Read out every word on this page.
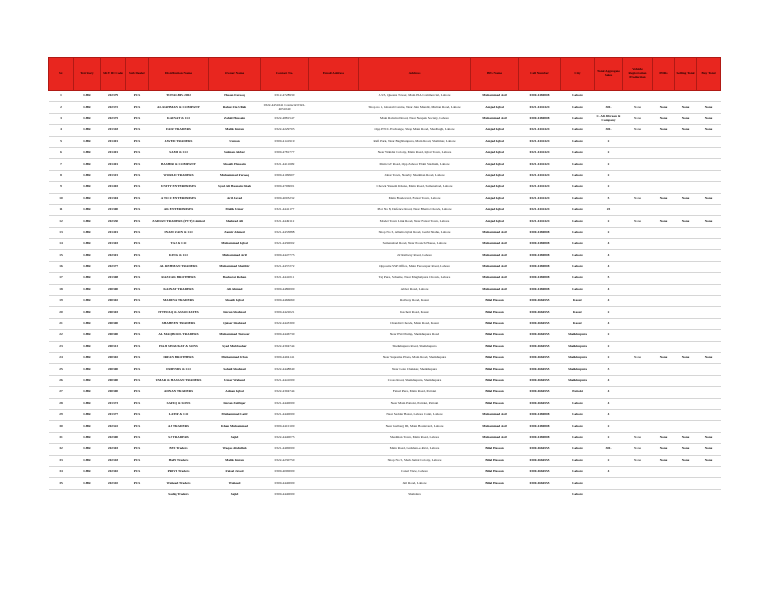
Sr.	Territory	SKY ID Code	Sub Dealer	Distribution Name	Owner Name	Contact No.	Email Address	Address	BPs Name	Cell Number	City	Total Aggregate Sales	Vehicle Registration Production	PDRs	Selling Total	Buy Total
1	LHR	202379	PCS	TOTALBPs 2002	Hasan Farooq	0312-4728930		J-3/3, Queens Tower, Main PIA Commercial, Lahore	Muhammad Asif	0300-4480808	Lahore					
2	LHR	202372	PCS	AL RAHMAN & COMPANY	Rahat Zia Ullah	0322-4451641 Contact# 0322-4051040		Shop no 1, Ghazali Centre, Near Jain Mandir, Multan Road, Lahore	Amjad Iqbal	0321-4442424	Lahore	30L	None	None	None	None
3	LHR	202375	PCS	KAINAT & CO	Zahid Hussain	0322-4881547		Main Raiwind Road, Near Nespak Society, Lahore	Muhammad Asif	0300-4480808	Lahore	C. Ali Jibraan & Company	None	None	None	None
4	LHR	201318	PCS	FAIZ TRADERS	Malik Imran	0322-4229703		Opp PTCL Exchange, Shop Main Road, Shadbagh, Lahore	Amjad Iqbal	0321-4442424	Lahore	30L	None	None	None	None
5	LHR	201401	PCS	JAVED TRADERS	Usman	0300-4141919		Rafi Park, Near Baghbanpura, Main Road, Shalimar, Lahore	Amjad Iqbal	0321-4442424	Lahore	2				
6	LHR	201401	PCS	SAMI & CO	Salman Akbar	0300-4781777		Near Wahdat Colony, Main Road, Iqbal Town, Lahore	Amjad Iqbal	0321-4442424	Lahore	2				
7	LHR	201401	PCS	BASHIR & COMPANY	Shoaib Hussain	0321-4411609		Main GT Road, Opp Zahoor Elahi Stadium, Lahore	Amjad Iqbal	0321-4442424	Lahore	2				
8	LHR	201315	PCS	WORLD TRADERS	Muhammad Farooq	0300-4199907		Johar Town, Nearby Shadman Road, Lahore	Amjad Iqbal	0321-4442424	Lahore	2				
9	LHR	201403	PCS	UNITY ENTERPRISES	Syed Ali Hasnain Shah	0300-4706001		Chowk Yateem Khana, Main Road, Samanabad, Lahore	Amjad Iqbal	0321-4442424	Lahore	2				
10	LHR	201304	PCS	A TO Z ENTERPRISES	Arif Javed	0300-4003232		Main Boulevard, Faisal Town, Lahore	Amjad Iqbal	0321-4442424	Lahore	5	None	None	None	None
11	LHR	201300	PCS	AK ENTERPRISES	Malik Umar	0321-4441177		Plot No 8, Defence Road, Near Bhatta Chowk, Lahore	Amjad Iqbal	0321-4442424	Lahore	25				
12	LHR	202330	PCS	ZAIDAN TRADERS (PVT) Limited	Shehzad Ali	0321-4449112		Model Town Link Road, Near Faisal Town, Lahore	Amjad Iqbal	0321-4442424	Lahore	2	None	None	None	None
13	LHR	201401	PCS	INAM ZAIN & CO	Zamir Ahmed	0321-4433888		Shop No 3, Allama Iqbal Road, Garhi Shahu, Lahore	Muhammad Asif	0300-4480808	Lahore	2				
14	LHR	201303	PCS	TAJ & CO	Muhammad Iqbal	0321-4430002		Samanabad Road, Near Poonch House, Lahore	Muhammad Asif	0300-4480808	Lahore	4				
15	LHR	202301	PCS	KING & CO	Muhammad Arif	0300-4447773		22 Railway Road, Lahore	Muhammad Asif	0300-4480808	Lahore	4				
16	LHR	202377	PCS	AL REHMAN TRADERS	Muhammad Shabbir	0321-4437272		Opposite SSP Office, Main Ferozepur Road, Lahore	Muhammad Asif	0300-4480808	Lahore	4				
17	LHR	201308	PCS	RAZZAK BROTHERS	Basharat Rehan	0321-4441011		Taj Pura, Scheme, Near Mughalpura Chowk, Lahore	Muhammad Asif	0300-4480808	Lahore	5				
18	LHR	200300	PCS	KAINAT TRADERS	Ali Ahmad	0300-4480000		Abbot Road, Lahore	Muhammad Asif	0300-4480808	Lahore	4				
19	LHR	200302	PCS	MADINA TRADERS	Shoaib Iqbal	0300-4466660		Railway Road, Kasur	Bilal Hassan	0300-4666555	Kasur	4				
20	LHR	200303	PCS	ITTEFAQ & ASSOCIATES	Imran Shahzad	0300-4422021		Kacheri Road, Kasur	Bilal Hassan	0300-4666555	Kasur	2				
21	LHR	200300	PCS	SHAHEEN TRADERS	Qaiser Shahzad	0322-4443300		Chandni Chowk, Main Road, Kasur	Bilal Hassan	0300-4666555	Kasur	4				
22	LHR	200300	PCS	AL MAQBOOL TRADERS	Muhammad Tanveer	0300-4446730		Near PSO Pump, Sheikhupura Road	Bilal Hassan	0300-4666555	Sheikhupura	2				
23	LHR	200313	PCS	HAJI SHAUKAT & SONS	Syed Mubbasher	0322-4304744		Sheikhupura Road, Sheikhupura	Bilal Hassan	0300-4666555	Sheikhupura	2				
24	LHR	200302	PCS	IRFAN BROTHERS	Muhammad Irfan	0300-4404141		Near Supreme Plaza, Main Road, Sheikhupura	Bilal Hassan	0300-4666555	Sheikhupura	2	None	None	None	None
25	LHR	200300	PCS	FRIENDS & CO	Sohail Shahzad	0322-4448840		Near Gole Chakkar, Sheikhupura	Bilal Hassan	0300-4666555	Sheikhupura	3				
26	LHR	200300	PCS	UMAR & HASSAN TRADERS	Umar Waheed	0321-4441000		Cross Road, Sheikhupura, Sheikhupura	Bilal Hassan	0300-4666555	Sheikhupura	4				
27	LHR	200300	PCS	ADNAN TRADERS	Adnan Iqbal	0322-4304744		Faisal Pura, Main Road, Pattoki	Bilal Hassan	0300-4666555	Pattoki	4				
28	LHR	201373	PCS	SAFIQ & SONS	Imran Zulfiqar	0321-4440000		Near Main Pattoki, Pattoki, Pattoki	Bilal Hassan	0300-4666555	Lahore	4				
29	LHR	201377	PCS	LATIF & CO	Muhammad Latif	0321-4440000		Near Saddar Bazar, Lahore Cantt, Lahore	Muhammad Asif	0300-4480808	Lahore	4				
30	LHR	202322	PCS	AJ TRADERS	Khan Muhammad	0300-4410100		Near Gulberg III, Main Boulevard, Lahore	Muhammad Asif	0300-4480808	Lahore	2				
31	LHR	202300	PCS	SJ TRADERS	Sajid	0322-4440073		Shadman Town, Main Road, Lahore	Muhammad Asif	0300-4480808	Lahore	2	None	None	None	None
32	LHR	202303	PCS	BYI Traders	Waqas Abdullah	0321-4400000		Main Road, Gulshan-e-Ravi, Lahore	Bilal Hassan	0300-4666555	Lahore	30L	None	None	None	None
33	LHR	202318	PCS	HaPi Traders	Malik Imran	0322-4230750		Shop No 5, Shah Jamal Colony, Lahore	Bilal Hassan	0300-4666555	Lahore	2	None	None	None	None
34	LHR	202302	PCS	PRIVI Traders	Faisal Javed	0300-4000000		Canal View, Lahore	Bilal Hassan	0300-4666555	Lahore	4				
35	LHR	202310	PCS	Waheed Traders	Waheed	0300-4440000		Jail Road, Lahore	Bilal Hassan	0300-4666555	Lahore					
				Sadiq Traders	Sajid	0300-4440000		Shahdara			Lahore					
